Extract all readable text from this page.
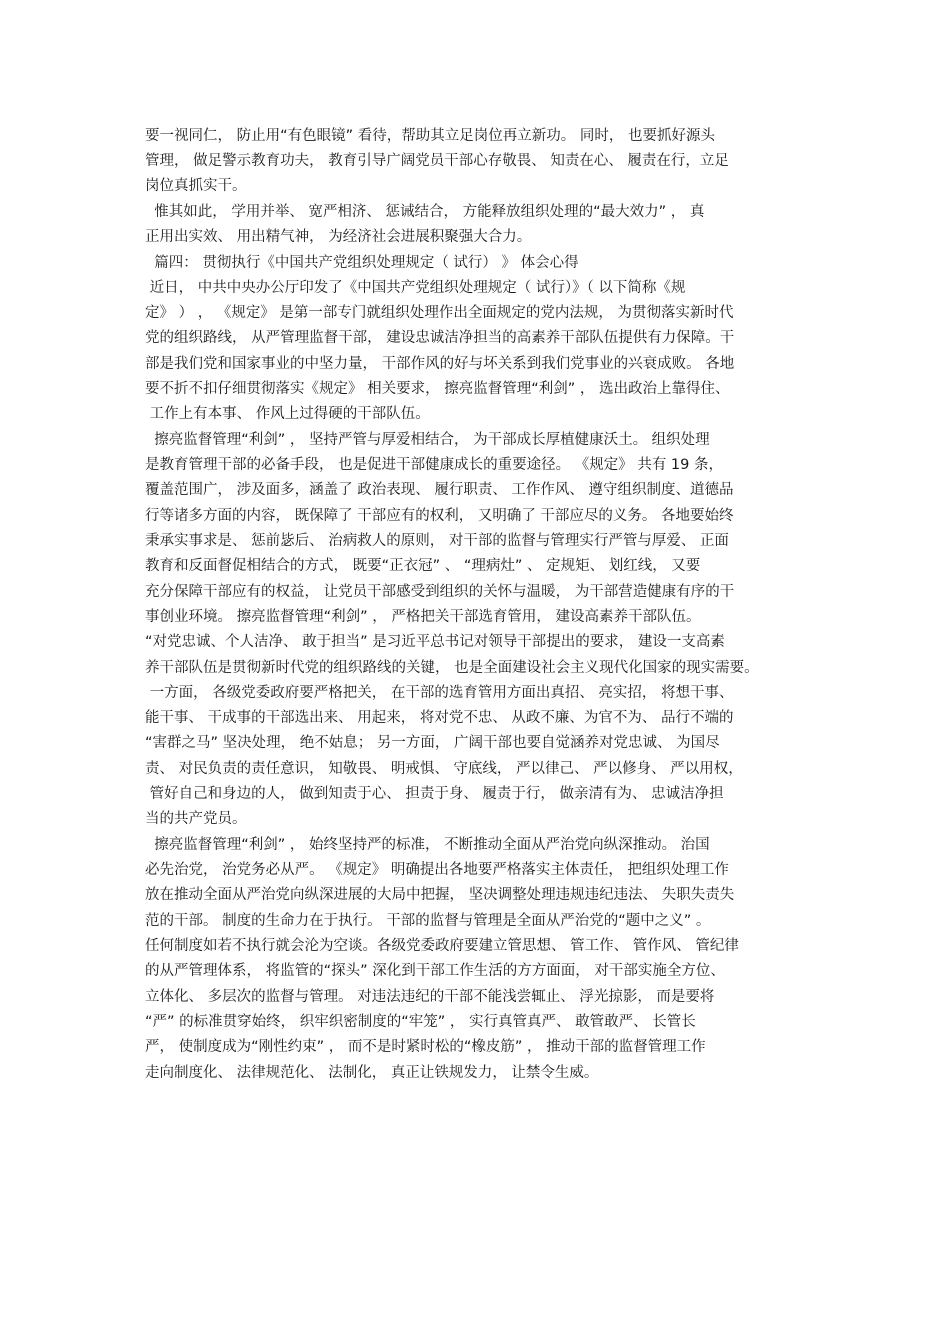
要一视同仁， 防止用“有色眼镜” 看待，帮助其立足岗位再立新功。 同时， 也要抓好源头
管理， 做足警示教育功夫， 教育引导广阔党员干部心存敬畏、 知责在心、 履责在行，立足
岗位真抓实干。
惟其如此， 学用并举、 宽严相济、 惩诫结合， 方能释放组织处理的“最大效力” ， 真
正用出实效、 用出精气神， 为经济社会进展积聚强大合力。
篇四： 贯彻执行《中国共产党组织处理规定（ 试行） 》 体会心得
近日， 中共中央办公厅印发了《中国共产党组织处理规定（ 试行）》（ 以下简称《规
定》 ） ， 《规定》 是第一部专门就组织处理作出全面规定的党内法规， 为贯彻落实新时代
党的组织路线， 从严管理监督干部， 建设忠诚洁净担当的高素养干部队伍提供有力保障。干
部是我们党和国家事业的中坚力量， 干部作风的好与坏关系到我们党事业的兴衰成败。 各地
要不折不扣仔细贯彻落实《规定》 相关要求， 擦亮监督管理“利剑” ， 选出政治上靠得住、
工作上有本事、 作风上过得硬的干部队伍。
擦亮监督管理“利剑” ， 坚持严管与厚爱相结合， 为干部成长厚植健康沃土。 组织处理
是教育管理干部的必备手段， 也是促进干部健康成长的重要途径。 《规定》 共有 19 条，
覆盖范围广， 涉及面多，涵盖了 政治表现、 履行职责、 工作作风、 遵守组织制度、道德品
行等诸多方面的内容， 既保障了 干部应有的权利， 又明确了 干部应尽的义务。 各地要始终
秉承实事求是、 惩前毖后、 治病救人的原则， 对干部的监督与管理实行严管与厚爱、 正面
教育和反面督促相结合的方式， 既要“正衣冠” 、 “理病灶” 、 定规矩、 划红线， 又要
充分保障干部应有的权益， 让党员干部感受到组织的关怀与温暖， 为干部营造健康有序的干
事创业环境。 擦亮监督管理“利剑” ， 严格把关干部选育管用， 建设高素养干部队伍。
“对党忠诚、个人洁净、 敢于担当” 是习近平总书记对领导干部提出的要求， 建设一支高素
养干部队伍是贯彻新时代党的组织路线的关键， 也是全面建设社会主义现代化国家的现实需要。
一方面， 各级党委政府要严格把关， 在干部的选育管用方面出真招、 亮实招， 将想干事、
能干事、 干成事的干部选出来、 用起来， 将对党不忠、 从政不廉、为官不为、 品行不端的
“害群之马” 坚决处理， 绝不姑息； 另一方面， 广阔干部也要自觉涵养对党忠诚、 为国尽
责、 对民负责的责任意识， 知敬畏、 明戒惧、 守底线， 严以律己、 严以修身、 严以用权，
管好自己和身边的人， 做到知责于心、 担责于身、 履责于行， 做亲清有为、 忠诚洁净担
当的共产党员。
擦亮监督管理“利剑” ， 始终坚持严的标准， 不断推动全面从严治党向纵深推动。 治国
必先治党， 治党务必从严。 《规定》 明确提出各地要严格落实主体责任， 把组织处理工作
放在推动全面从严治党向纵深进展的大局中把握， 坚决调整处理违规违纪违法、 失职失责失
范的干部。 制度的生命力在于执行。 干部的监督与管理是全面从严治党的“题中之义” 。
任何制度如若不执行就会沦为空谈。各级党委政府要建立管思想、 管工作、 管作风、 管纪律
的从严管理体系， 将监管的“探头” 深化到干部工作生活的方方面面， 对干部实施全方位、
立体化、 多层次的监督与管理。 对违法违纪的干部不能浅尝辄止、 浮光掠影， 而是要将
“严” 的标准贯穿始终， 织牢织密制度的“牢笼” ， 实行真管真严、 敢管敢严、 长管长
严， 使制度成为“刚性约束” ， 而不是时紧时松的“橡皮筋” ， 推动干部的监督管理工作
走向制度化、 法律规范化、 法制化， 真正让铁规发力， 让禁令生威。
